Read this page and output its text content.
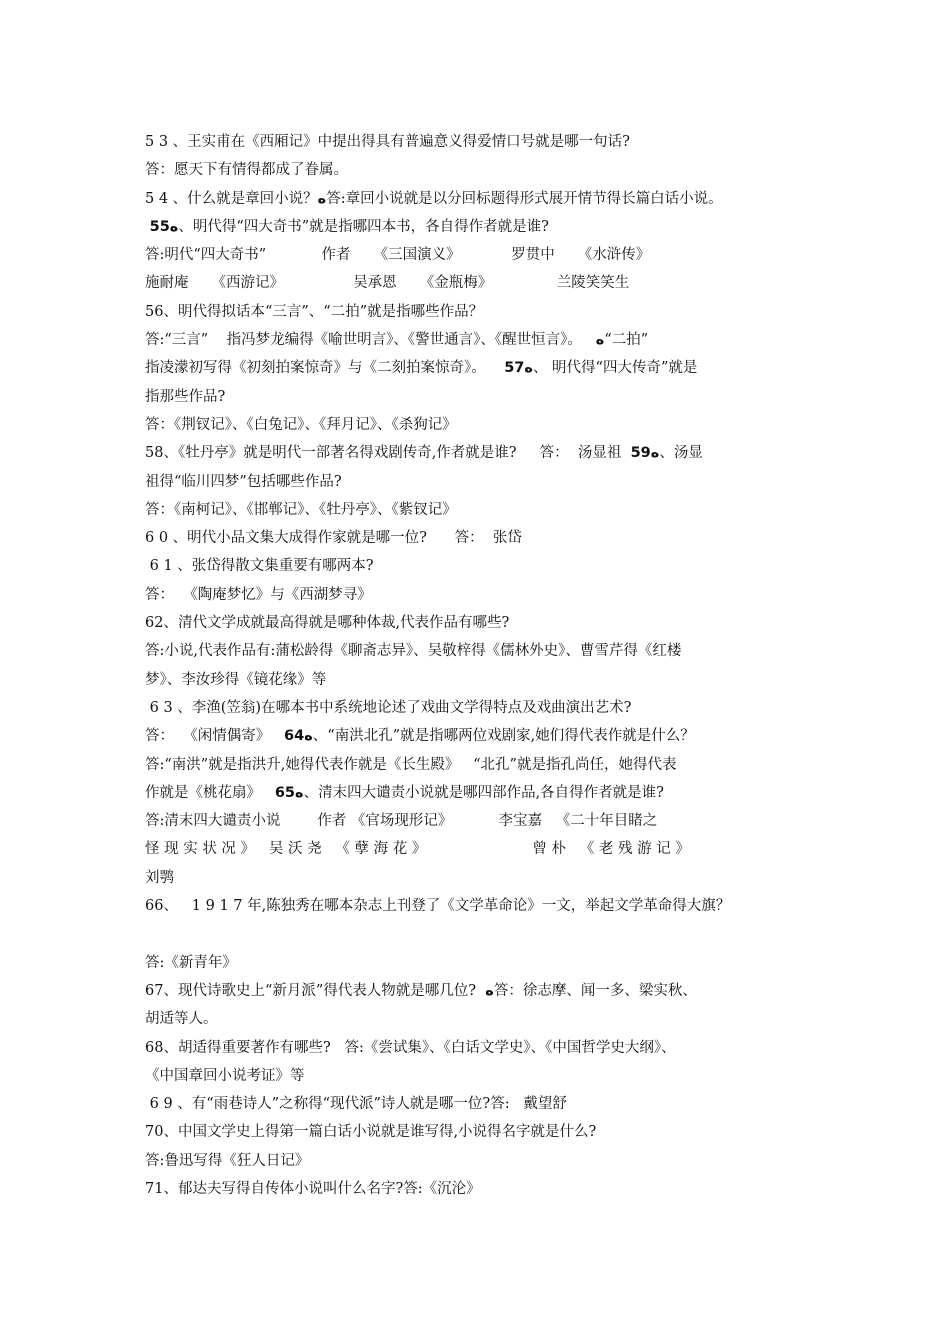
5 3 、王实甫在《西厢记》中提出得具有普遍意义得爱情口号就是哪一句话?
答：愿天下有情得都成了眷属。
5 4 、什么就是章回小说？ﻩ答:章回小说就是以分回标题得形式展开情节得长篇白话小说。
55ﻩ、明代得“四大奇书”就是指哪四本书，各自得作者就是谁?
答:明代“四大奇书”            作者     《三国演义》           罗贯中     《水浒传》
施耐庵     《西游记》               吴承恩     《金瓶梅》              兰陵笑笑生
56、明代得拟话本“三言”、“二拍”就是指哪些作品？
答:“三言”    指冯梦龙编得《喻世明言》、《警世通言》、《醒世恒言》。   ﻩ“二拍”
指凌濛初写得《初刻拍案惊奇》与《二刻拍案惊奇》。    57ﻩ、 明代得“四大传奇”就是
指那些作品?
答：《荆钗记》、《白兔记》、《拜月记》、《杀狗记》
58、《牡丹亭》就是明代一部著名得戏剧传奇,作者就是谁?     答：  汤显祖  59ﻩ、汤显
祖得“临川四梦”包括哪些作品?
答：《南柯记》、《邯郸记》、《牡丹亭》、《紫钗记》
6 0 、明代小品文集大成得作家就是哪一位?      答：  张岱
6 1 、张岱得散文集重要有哪两本?
答：  《陶庵梦忆》与《西湖梦寻》
62、清代文学成就最高得就是哪种体裁,代表作品有哪些?
答:小说,代表作品有:蒲松龄得《聊斋志异》、吴敬梓得《儒林外史》、曹雪芹得《红楼
梦》、李汝珍得《镜花缘》等
6 3 、李渔(笠翁)在哪本书中系统地论述了戏曲文学得特点及戏曲演出艺术?
答：  《闲情偶寄》   64ﻩ、“南洪北孔”就是指哪两位戏剧家,她们得代表作就是什么？
答:“南洪”就是指洪升,她得代表作就是《长生殿》   “北孔”就是指孔尚任，她得代表
作就是《桃花扇》   65ﻩ、清末四大谴责小说就是哪四部作品,各自得作者就是谁?
答:清末四大谴责小说        作者 《官场现形记》          李宝嘉   《二十年目睹之
怪 现 实 状 况 》   吴 沃 尧   《 孽 海 花 》                       曾 朴   《 老 残 游 记 》
刘鹗
66、   1 9 1 7 年,陈独秀在哪本杂志上刊登了《文学革命论》一文，举起文学革命得大旗？
答:《新青年》
67、现代诗歌史上“新月派”得代表人物就是哪几位?  ﻩ答：徐志摩、闻一多、梁实秋、
胡适等人。
68、胡适得重要著作有哪些?   答:《尝试集》、《白话文学史》、《中国哲学史大纲》、
《中国章回小说考证》等
6 9 、有“雨巷诗人”之称得“现代派”诗人就是哪一位?答:   戴望舒
70、中国文学史上得第一篇白话小说就是谁写得,小说得名字就是什么?
答:鲁迅写得《狂人日记》
71、郁达夫写得自传体小说叫什么名字?答:《沉沦》
